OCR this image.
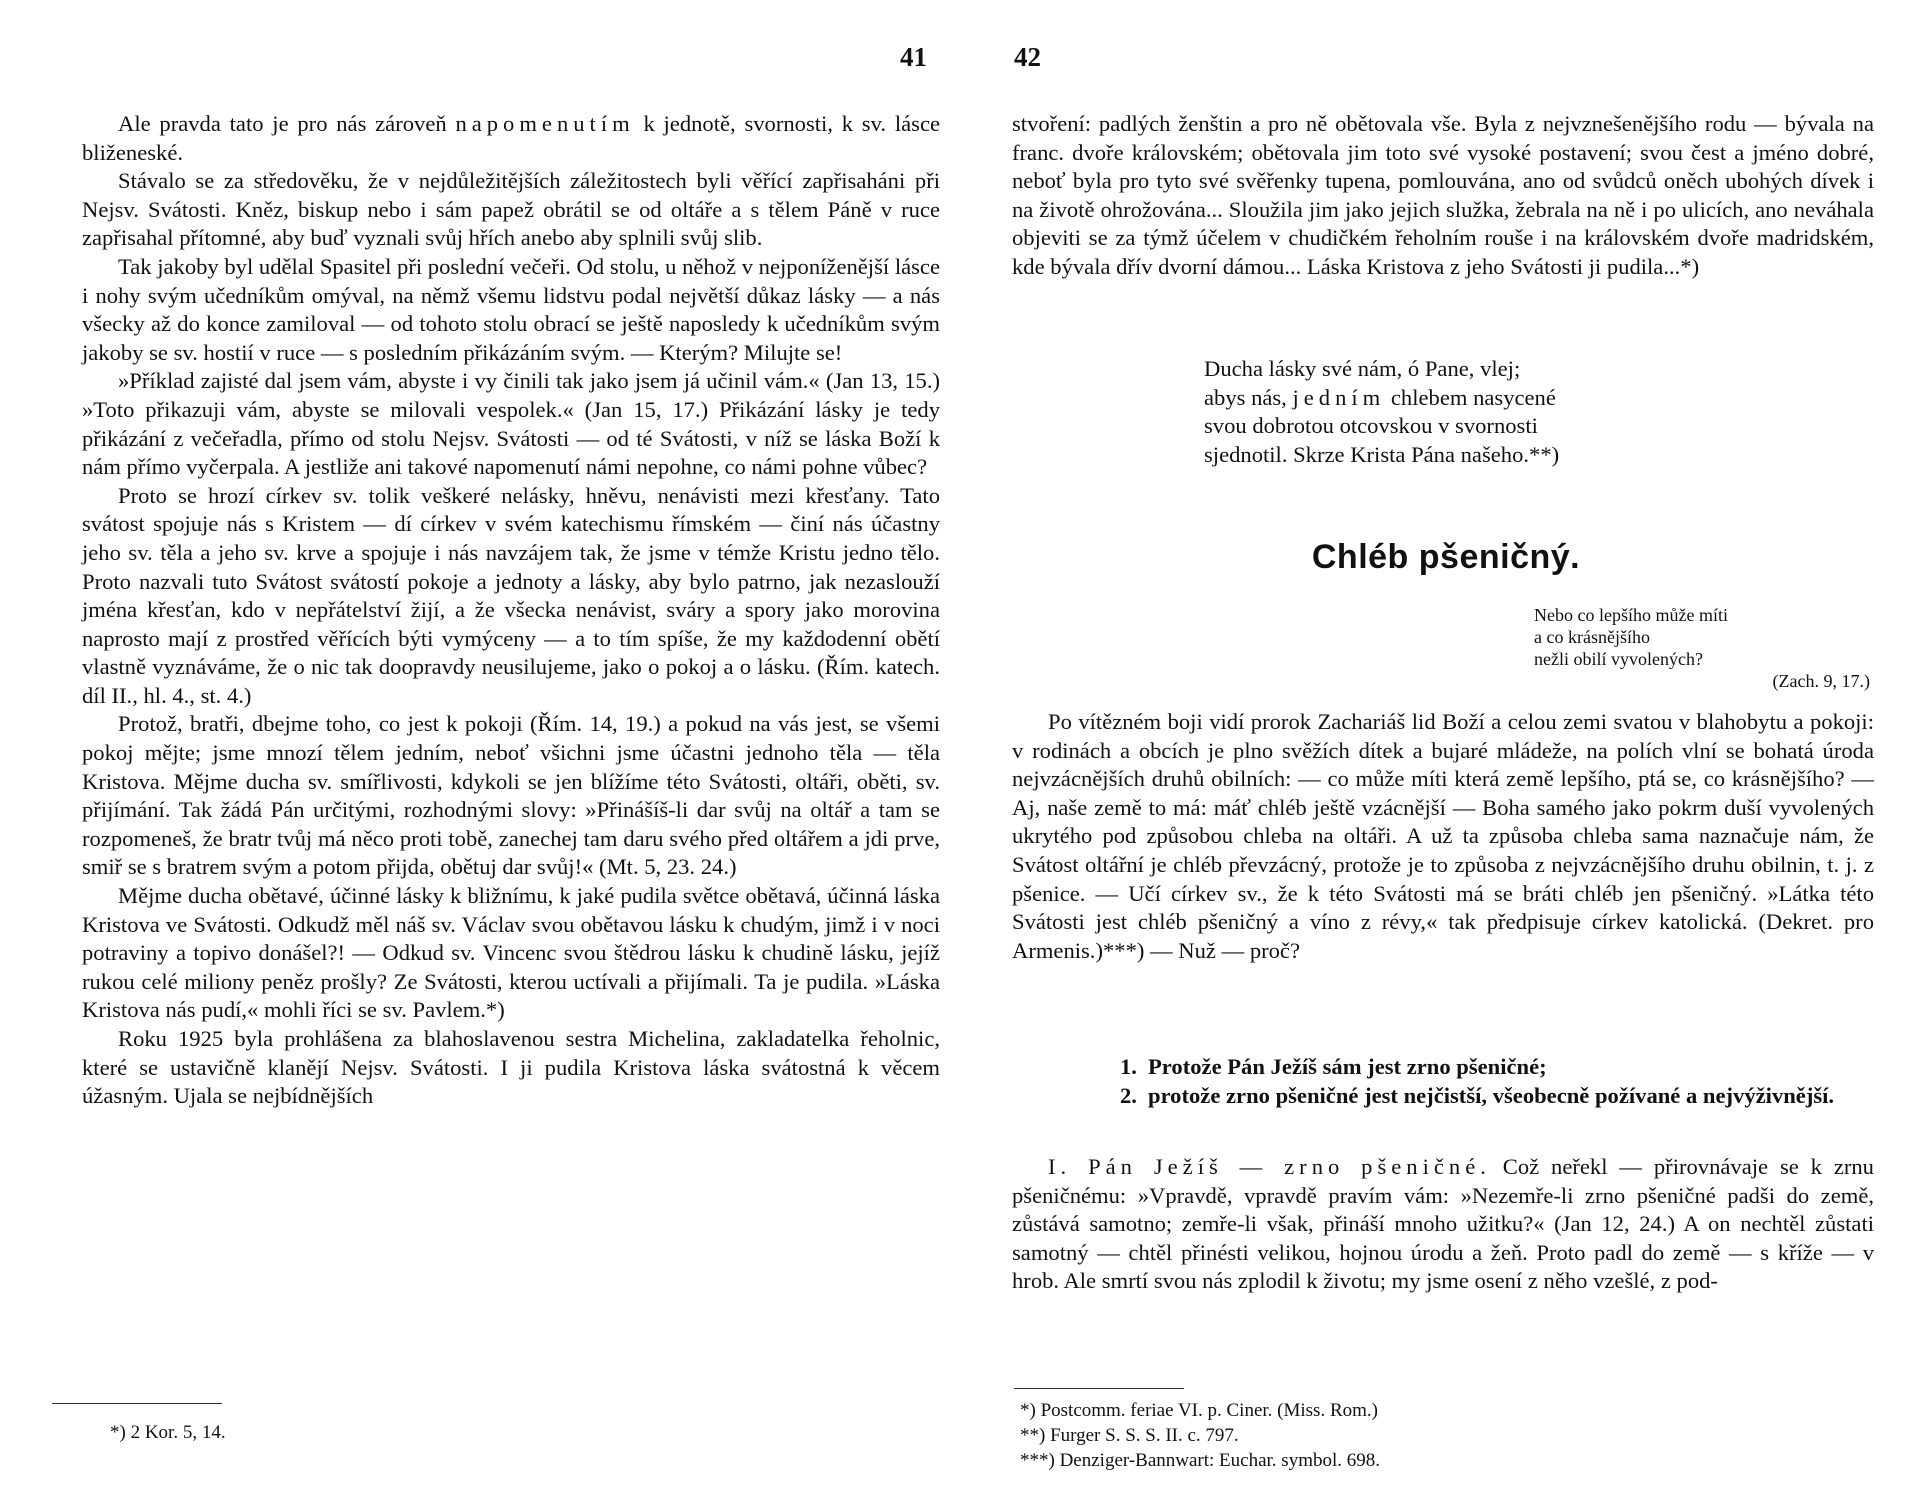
41

Ale pravda tato je pro nás zároveň napomenutím k jednotě, svornosti, k sv. lásce bliženeské.

Stávalo se za středověku, že v nejdůležitějších záležitostech byli věřící zapřisaháni při Nejsv. Svátosti. Kněz, biskup nebo i sám papež obrátil se od oltáře a s tělem Páně v ruce zapřisahal přítomné, aby buď vyznali svůj hřích anebo aby splnili svůj slib.

Tak jakoby byl udělal Spasitel při poslední večeři. Od stolu, u něhož v nejponíženější lásce i nohy svým učedníkům omýval, na němž všemu lidstvu podal největší důkaz lásky — a nás všecky až do konce zamiloval — od tohoto stolu obrací se ještě naposledy k učedníkům svým jakoby se sv. hostií v ruce — s posledním přikázáním svým. — Kterým? Milujte se!

»Příklad zajisté dal jsem vám, abyste i vy činili tak jako jsem já učinil vám.« (Jan 13, 15.) »Toto přikazuji vám, abyste se milovali vespolek.« (Jan 15, 17.) Přikázání lásky je tedy přikázání z večeřadla, přímo od stolu Nejsv. Svátosti — od té Svátosti, v níž se láska Boží k nám přímo vyčerpala. A jestliže ani takové napomenutí námi nepohne, co námi pohne vůbec?

Proto se hrozí církev sv. tolik veškeré nelásky, hněvu, nenávisti mezi křesťany. Tato svátost spojuje nás s Kristem — dí církev v svém katechismu římském — činí nás účastny jeho sv. těla a jeho sv. krve a spojuje i nás navzájem tak, že jsme v témže Kristu jedno tělo. Proto nazvali tuto Svátost svátostí pokoje a jednoty a lásky, aby bylo patrno, jak nezaslouží jména křesťan, kdo v nepřátelství žijí, a že všecka nenávist, sváry a spory jako morovina naprosto mají z prostřed věřících býti vymýceny — a to tím spíše, že my každodenní obětí vlastně vyznáváme, že o nic tak doopravdy neusilujeme, jako o pokoj a o lásku. (Řím. katech. díl II., hl. 4., st. 4.)

Protož, bratři, dbejme toho, co jest k pokoji (Řím. 14, 19.) a pokud na vás jest, se všemi pokoj mějte; jsme mnozí tělem jedním, neboť všichni jsme účastni jednoho těla — těla Kristova. Mějme ducha sv. smířlivosti, kdykoli se jen blížíme této Svátosti, oltáři, oběti, sv. přijímání. Tak žádá Pán určitými, rozhodnými slovy: »Přinášíš-li dar svůj na oltář a tam se rozpomeneš, že bratr tvůj má něco proti tobě, zanechej tam daru svého před oltářem a jdi prve, smiř se s bratrem svým a potom přijda, obětuj dar svůj!« (Mt. 5, 23. 24.)

Mějme ducha obětavé, účinné lásky k bližnímu, k jaké pudila světce obětavá, účinná láska Kristova ve Svátosti. Odkudž měl náš sv. Václav svou obětavou lásku k chudým, jimž i v noci potraviny a topivo donášel?! — Odkud sv. Vincenc svou štědrou lásku k chudině lásku, jejíž rukou celé miliony peněz prošly? Ze Svátosti, kterou uctívali a přijímali. Ta je pudila. »Láska Kristova nás pudí,« mohli říci se sv. Pavlem.*)

Roku 1925 byla prohlášena za blahoslavenou sestra Michelina, zakladatelka řeholnic, které se ustavičně klanějí Nejsv. Svátosti. I ji pudila Kristova láska svátostná k věcem úžasným. Ujala se nejbídnějších

*) 2 Kor. 5, 14.
42

stvoření: padlých ženštin a pro ně obětovala vše. Byla z nejvznešenějšího rodu — bývala na franc. dvoře královském; obětovala jim toto své vysoké postavení; svou čest a jméno dobré, neboť byla pro tyto své svěřenky tupena, pomlouvána, ano od svůdců oněch ubohých dívek i na životě ohrožována... Sloužila jim jako jejich služka, žebrala na ně i po ulicích, ano neváhala objeviti se za týmž účelem v chudičkém řeholním rouše i na královském dvoře madridském, kde bývala dřív dvorní dámou... Láska Kristova z jeho Svátosti ji pudila...*)

Ducha lásky své nám, ó Pane, vlej;
abys nás, jedním chlebem nasycené
svou dobrotou otcovskou v svornosti
sjednotil. Skrze Krista Pána našeho.**)
Chléb pšeničný.
Nebo co lepšího může míti
a co krásnějšího
nežli obilí vyvolených?
(Zach. 9, 17.)

Po vítězném boji vidí prorok Zachariáš lid Boží a celou zemi svatou v blahobytu a pokoji: v rodinách a obcích je plno svěžích dítek a bujaré mládeže, na polích vlní se bohatá úroda nejvzácnějších druhů obilních: — co může míti která země lepšího, ptá se, co krásnějšího? — Aj, naše země to má: máť chléb ještě vzácnější — Boha samého jako pokrm duší vyvolených ukrytého pod způsobou chleba na oltáři. A už ta způsoba chleba sama naznačuje nám, že Svátost oltářní je chléb převzácný, protože je to způsoba z nejvzácnějšího druhu obilnin, t. j. z pšenice. — Učí církev sv., že k této Svátosti má se bráti chléb jen pšeničný. »Látka této Svátosti jest chléb pšeničný a víno z révy,« tak předpisuje církev katolická. (Dekret. pro Armenis.)***) — Nuž — proč?

1. Protože Pán Ježíš sám jest zrno pšeničné;
2. protože zrno pšeničné jest nejčistší, všeobecně požívané a nejvýživnější.

I. Pán Ježíš — zrno pšeničné. Což neřekl — přirovnávaje se k zrnu pšeničnému: »Vpravdě, vpravdě pravím vám: »Nezemře-li zrno pšeničné padši do země, zůstává samotno; zemře-li však, přináší mnoho užitku?« (Jan 12, 24.) A on nechtěl zůstati samotný — chtěl přinésti velikou, hojnou úrodu a žeň. Proto padl do země — s kříže — v hrob. Ale smrtí svou nás zplodil k životu; my jsme osení z něho vzešlé, z pod-

*) Postcomm. feriae VI. p. Ciner. (Miss. Rom.)
**) Furger S. S. S. II. c. 797.
***) Denziger-Bannwart: Euchar. symbol. 698.
